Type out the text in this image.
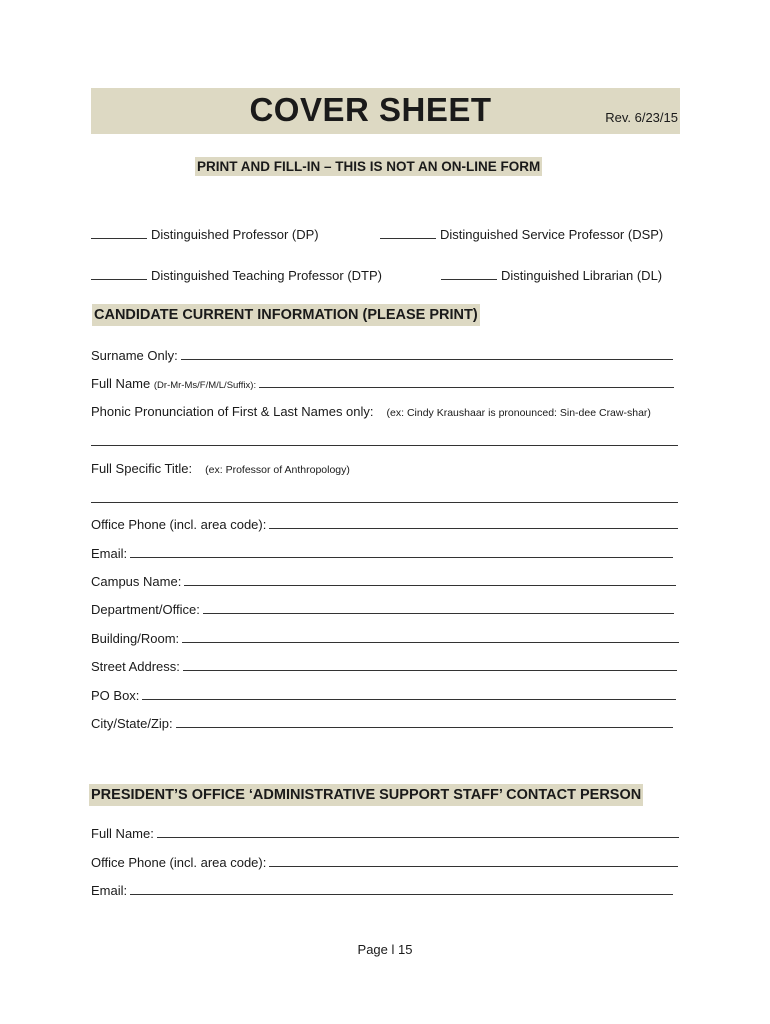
COVER SHEET	Rev. 6/23/15
PRINT AND FILL-IN – THIS IS NOT AN ON-LINE FORM
Distinguished Professor (DP)	Distinguished Service Professor (DSP)
Distinguished Teaching Professor (DTP)	Distinguished Librarian (DL)
CANDIDATE CURRENT INFORMATION (PLEASE PRINT)
Surname Only:
Full Name (Dr-Mr-Ms/F/M/L/Suffix):
Phonic Pronunciation of First & Last Names only: (ex: Cindy Kraushaar is pronounced: Sin-dee Craw-shar)
Full Specific Title: (ex: Professor of Anthropology)
Office Phone (incl. area code):
Email:
Campus Name:
Department/Office:
Building/Room:
Street Address:
PO Box:
City/State/Zip:
PRESIDENT’S OFFICE ‘ADMINISTRATIVE SUPPORT STAFF’ CONTACT PERSON
Full Name:
Office Phone (incl. area code):
Email:
Page l 15
